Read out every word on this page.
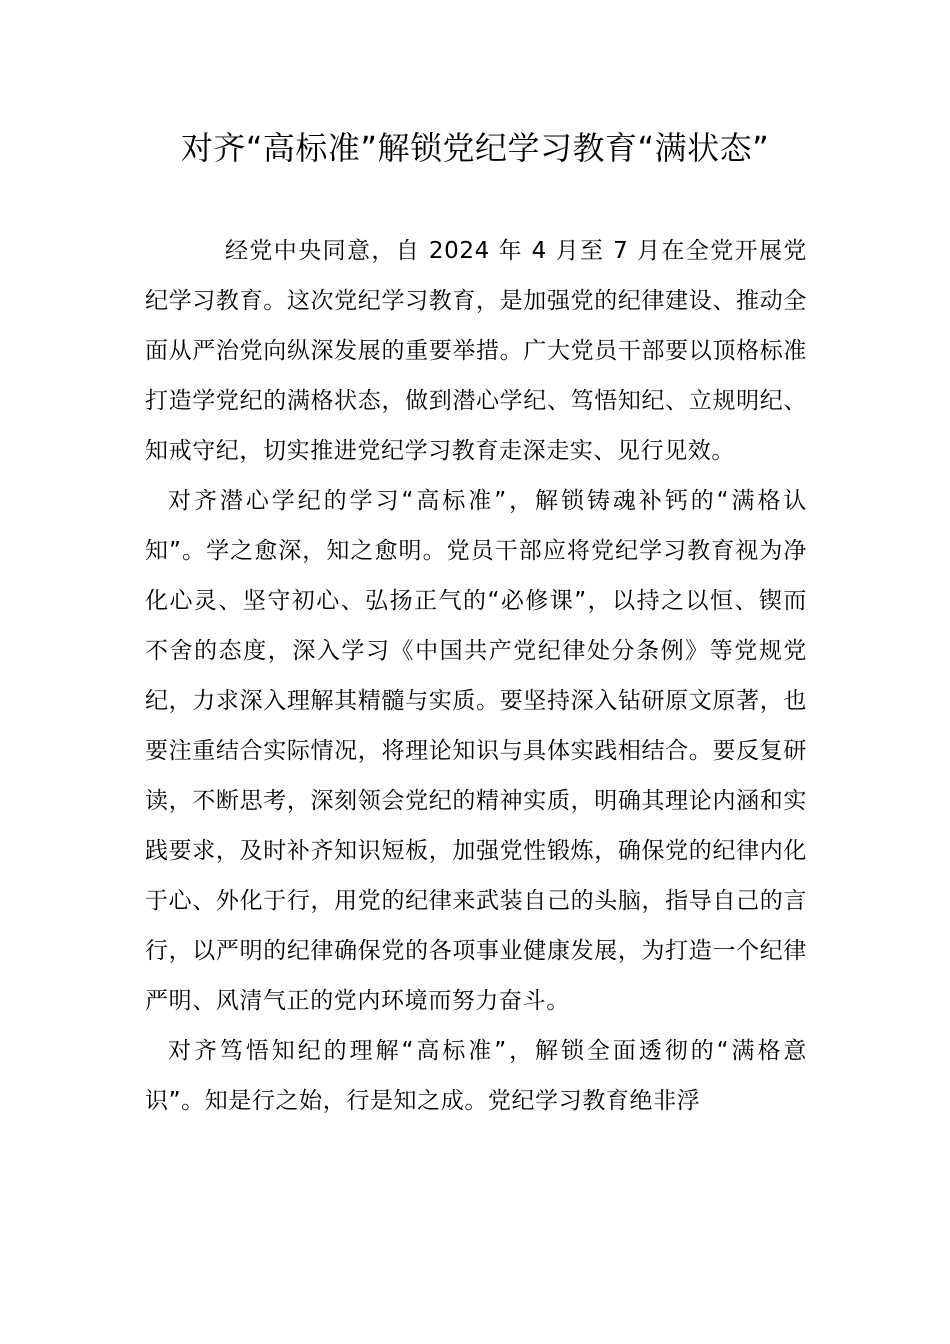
对齐“高标准”解锁党纪学习教育“满状态”

经党中央同意，自 2024 年 4 月至 7 月在全党开展党纪学习教育。这次党纪学习教育，是加强党的纪律建设、推动全面从严治党向纵深发展的重要举措。广大党员干部要以顶格标准打造学党纪的满格状态，做到潜心学纪、笃悟知纪、立规明纪、知戒守纪，切实推进党纪学习教育走深走实、见行见效。

对齐潜心学纪的学习“高标准”，解锁铸魂补钙的“满格认知”。学之愈深，知之愈明。党员干部应将党纪学习教育视为净化心灵、坚守初心、弘扬正气的“必修课”，以持之以恒、锲而不舍的态度，深入学习《中国共产党纪律处分条例》等党规党纪，力求深入理解其精髓与实质。要坚持深入钻研原文原著，也要注重结合实际情况，将理论知识与具体实践相结合。要反复研读，不断思考，深刻领会党纪的精神实质，明确其理论内涵和实践要求，及时补齐知识短板，加强党性锻炼，确保党的纪律内化于心、外化于行，用党的纪律来武装自己的头脑，指导自己的言行，以严明的纪律确保党的各项事业健康发展，为打造一个纪律严明、风清气正的党内环境而努力奋斗。

对齐笃悟知纪的理解“高标准”，解锁全面透彻的“满格意识”。知是行之始，行是知之成。党纪学习教育绝非浮
